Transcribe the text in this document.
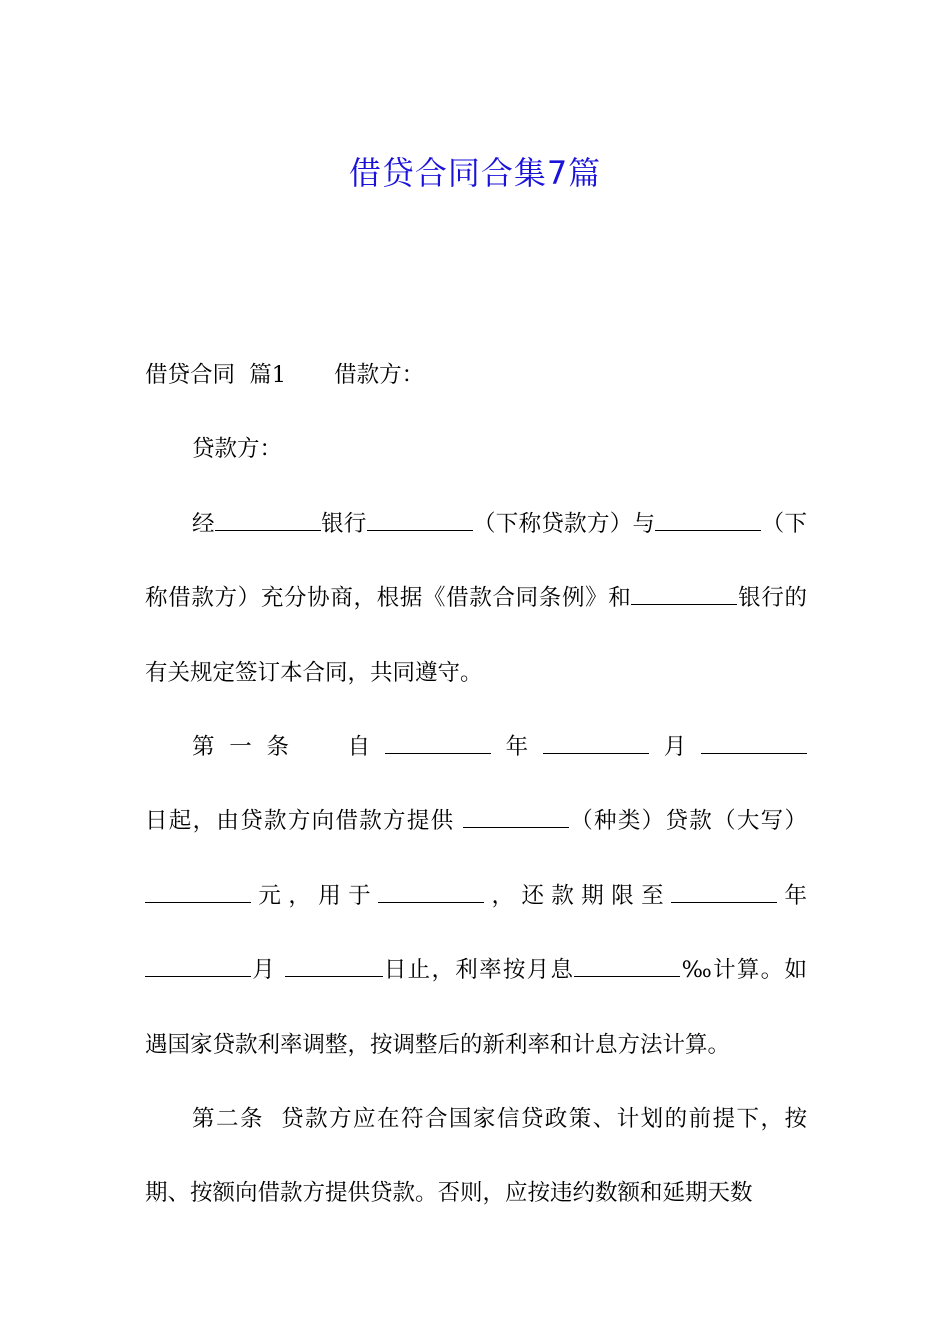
借贷合同合集7篇

借贷合同  篇1 借款方：

贷款方：

经	银行	（下称贷款方）与	（下称借款方）充分协商，根据《借款合同条例》和	银行的有关规定签订本合同，共同遵守。

第一条  自	年	月日起，由贷款方向借款方提供	（种类）贷款（大写）元，用于	，还款期限至	年月	日止，利率按月息	‰计算。如遇国家贷款利率调整，按调整后的新利率和计息方法计算。

第二条  贷款方应在符合国家信贷政策、计划的前提下，按期、按额向借款方提供贷款。否则，应按违约数额和延期天数
